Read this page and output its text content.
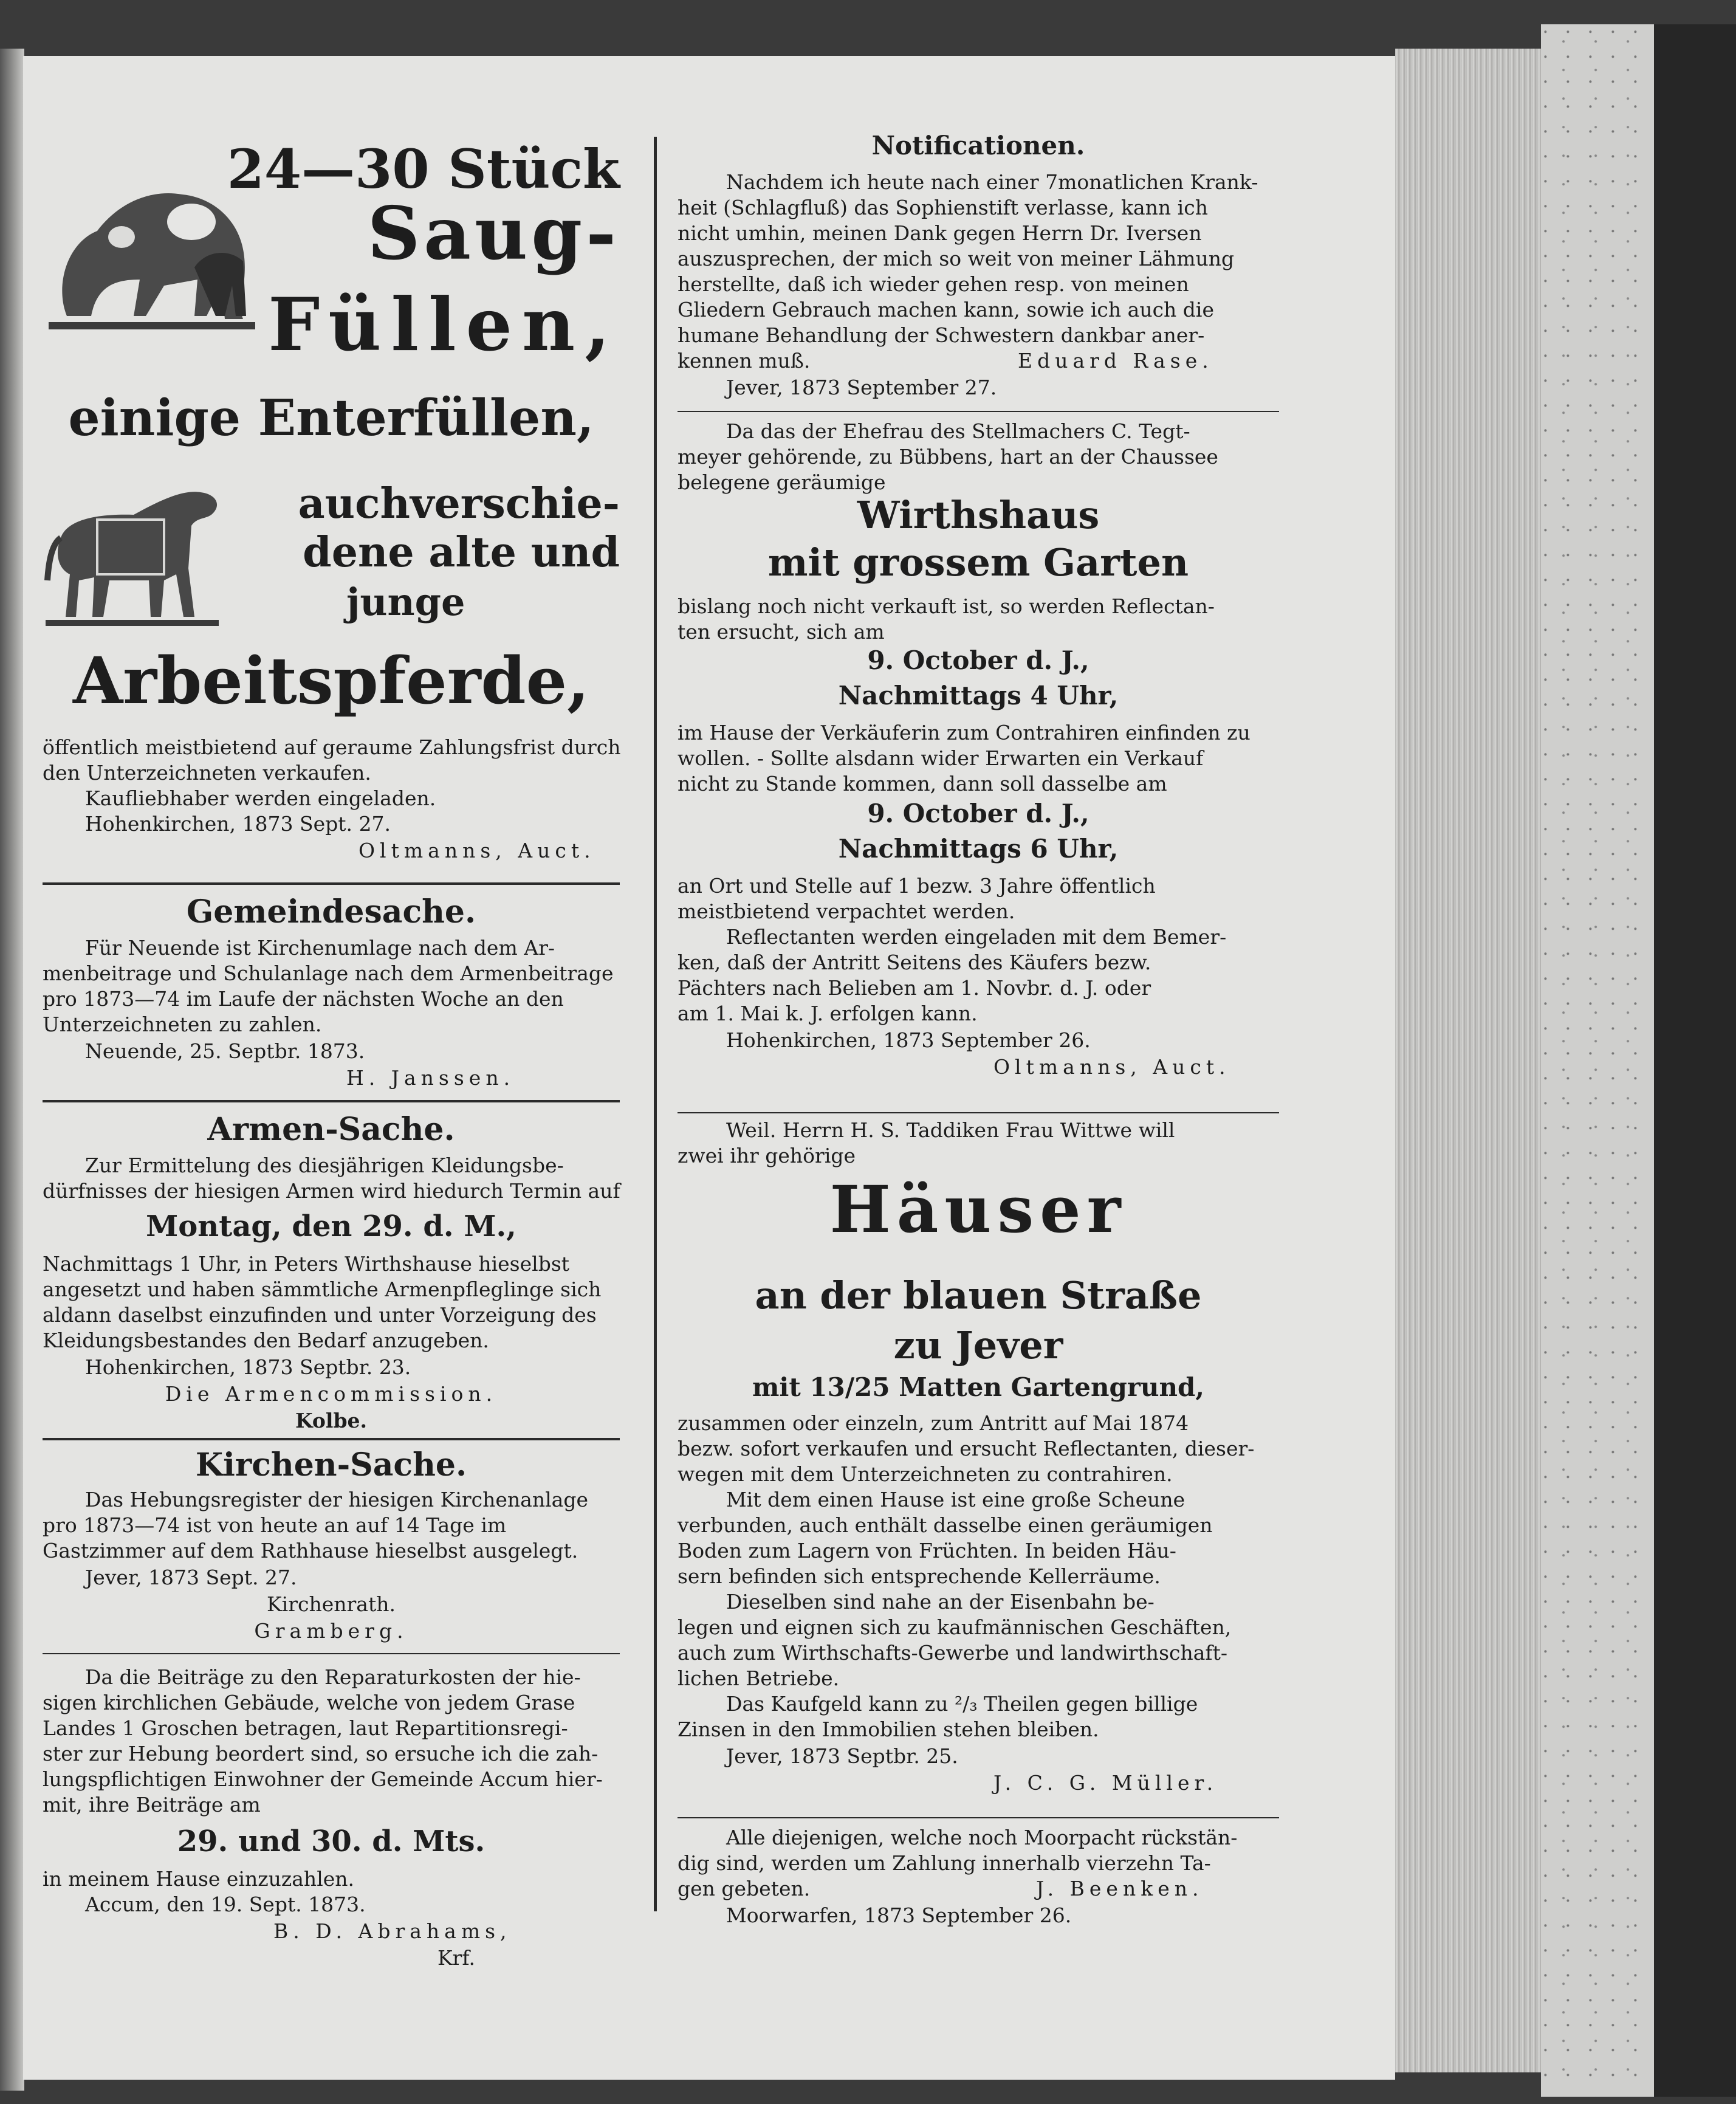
24—30 Stück
Saug-
Füllen,
einige Enterfüllen,
auchverschie-
dene alte und
junge
Arbeitspferde,
öffentlich meistbietend auf geraume Zahlungsfrist durch
den Unterzeichneten verkaufen.
Kaufliebhaber werden eingeladen.
Hohenkirchen, 1873 Sept. 27.
Oltmanns, Auct.
Gemeindesache.
Für Neuende ist Kirchenumlage nach dem Ar-
menbeitrage und Schulanlage nach dem Armenbeitrage
pro 1873—74 im Laufe der nächsten Woche an den
Unterzeichneten zu zahlen.
Neuende, 25. Septbr. 1873.
H. Janssen.
Armen-Sache.
Zur Ermittelung des diesjährigen Kleidungsbe-
dürfnisses der hiesigen Armen wird hiedurch Termin auf
Montag, den 29. d. M.,
Nachmittags 1 Uhr, in Peters Wirthshause hieselbst
angesetzt und haben sämmtliche Armenpfleglinge sich
aldann daselbst einzufinden und unter Vorzeigung des
Kleidungsbestandes den Bedarf anzugeben.
Hohenkirchen, 1873 Septbr. 23.
Die Armencommission.
Kolbe.
Kirchen-Sache.
Das Hebungsregister der hiesigen Kirchenanlage
pro 1873—74 ist von heute an auf 14 Tage im
Gastzimmer auf dem Rathhause hieselbst ausgelegt.
Jever, 1873 Sept. 27.
Kirchenrath.
Gramberg.
Da die Beiträge zu den Reparaturkosten der hie-
sigen kirchlichen Gebäude, welche von jedem Grase
Landes 1 Groschen betragen, laut Repartitionsregi-
ster zur Hebung beordert sind, so ersuche ich die zah-
lungspflichtigen Einwohner der Gemeinde Accum hier-
mit, ihre Beiträge am
29. und 30. d. Mts.
in meinem Hause einzuzahlen.
Accum, den 19. Sept. 1873.
B. D. Abrahams,
Krf.
Notificationen.
Nachdem ich heute nach einer 7monatlichen Krank-
heit (Schlagfluß) das Sophienstift verlasse, kann ich
nicht umhin, meinen Dank gegen Herrn Dr. Iversen
auszusprechen, der mich so weit von meiner Lähmung
herstellte, daß ich wieder gehen resp. von meinen
Gliedern Gebrauch machen kann, sowie ich auch die
humane Behandlung der Schwestern dankbar aner-
kennen muß.	Eduard Rase.
Jever, 1873 September 27.
Da das der Ehefrau des Stellmachers C. Tegt-
meyer gehörende, zu Bübbens, hart an der Chaussee
belegene geräumige
Wirthshaus
mit grossem Garten
bislang noch nicht verkauft ist, so werden Reflectan-
ten ersucht, sich am
9. October d. J.,
Nachmittags 4 Uhr,
im Hause der Verkäuferin zum Contrahiren einfinden zu
wollen. - Sollte alsdann wider Erwarten ein Verkauf
nicht zu Stande kommen, dann soll dasselbe am
9. October d. J.,
Nachmittags 6 Uhr,
an Ort und Stelle auf 1 bezw. 3 Jahre öffentlich
meistbietend verpachtet werden.
Reflectanten werden eingeladen mit dem Bemer-
ken, daß der Antritt Seitens des Käufers bezw.
Pächters nach Belieben am 1. Novbr. d. J. oder
am 1. Mai k. J. erfolgen kann.
Hohenkirchen, 1873 September 26.
Oltmanns, Auct.
Weil. Herrn H. S. Taddiken Frau Wittwe will
zwei ihr gehörige
Häuser
an der blauen Straße
zu Jever
mit 13/25 Matten Gartengrund,
zusammen oder einzeln, zum Antritt auf Mai 1874
bezw. sofort verkaufen und ersucht Reflectanten, dieser-
wegen mit dem Unterzeichneten zu contrahiren.
Mit dem einen Hause ist eine große Scheune
verbunden, auch enthält dasselbe einen geräumigen
Boden zum Lagern von Früchten. In beiden Häu-
sern befinden sich entsprechende Kellerräume.
Dieselben sind nahe an der Eisenbahn be-
legen und eignen sich zu kaufmännischen Geschäften,
auch zum Wirthschafts-Gewerbe und landwirthschaft-
lichen Betriebe.
Das Kaufgeld kann zu ²/₃ Theilen gegen billige
Zinsen in den Immobilien stehen bleiben.
Jever, 1873 Septbr. 25.
J. C. G. Müller.
Alle diejenigen, welche noch Moorpacht rückstän-
dig sind, werden um Zahlung innerhalb vierzehn Ta-
gen gebeten.	J. Beenken.
Moorwarfen, 1873 September 26.
